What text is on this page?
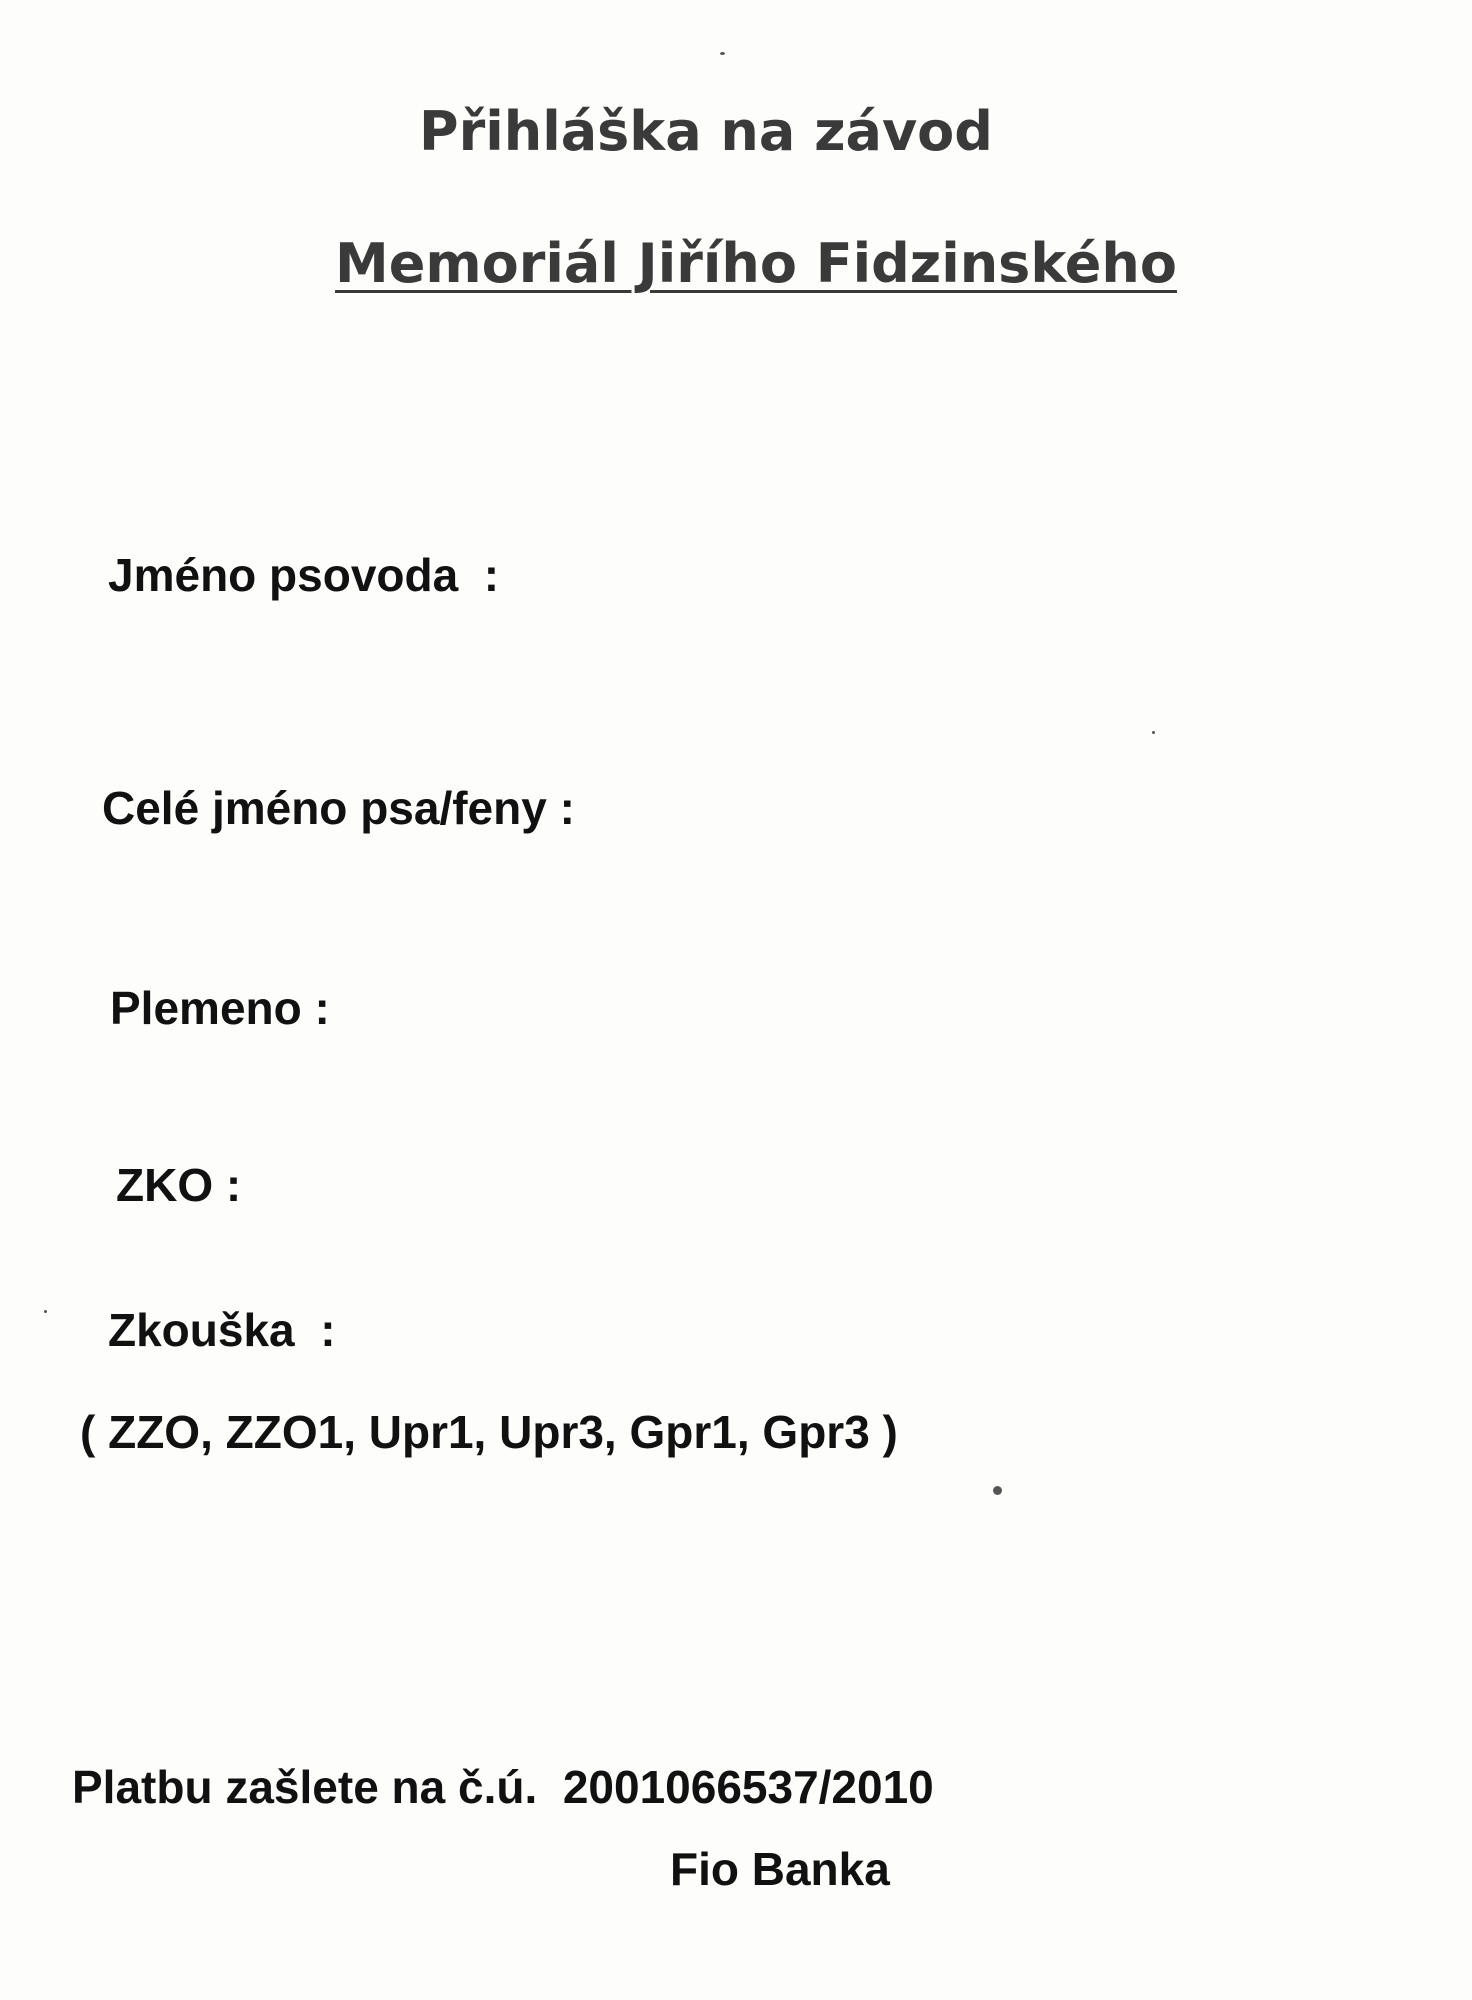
Přihláška na závod
Memoriál Jiřího Fidzinského

Jméno psovoda  :

Celé jméno psa/feny :

Plemeno :

ZKO :

Zkouška  :

( ZZO, ZZO1, Upr1, Upr3, Gpr1, Gpr3 )

Platbu zašlete na č.ú.  2001066537/2010

Fio Banka
